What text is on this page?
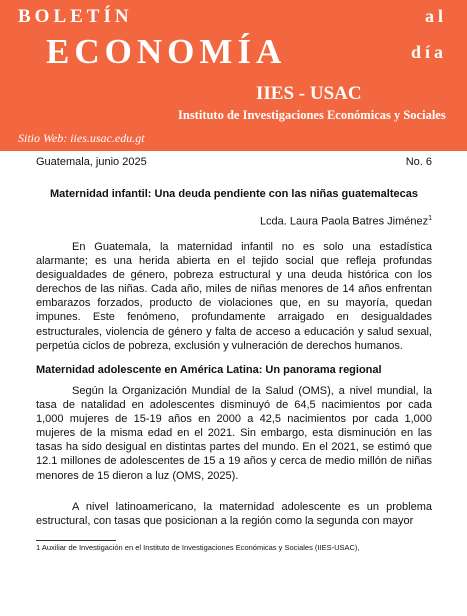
BOLETÍN	al
ECONOMÍA	día
IIES - USAC
Instituto de Investigaciones Económicas y Sociales
Sitio Web: iies.usac.edu.gt
Guatemala, junio 2025	No. 6
Maternidad infantil: Una deuda pendiente con las niñas guatemaltecas
Lcda. Laura Paola Batres Jiménez$^1$
En Guatemala, la maternidad infantil no es solo una estadística alarmante; es una herida abierta en el tejido social que refleja profundas desigualdades de género, pobreza estructural y una deuda histórica con los derechos de las niñas. Cada año, miles de niñas menores de 14 años enfrentan embarazos forzados, producto de violaciones que, en su mayoría, quedan impunes. Este fenómeno, profundamente arraigado en desigualdades estructurales, violencia de género y falta de acceso a educación y salud sexual, perpetúa ciclos de pobreza, exclusión y vulneración de derechos humanos.
Maternidad adolescente en América Latina: Un panorama regional
Según la Organización Mundial de la Salud (OMS), a nivel mundial, la tasa de natalidad en adolescentes disminuyó de 64,5 nacimientos por cada 1,000 mujeres de 15-19 años en 2000 a 42,5 nacimientos por cada 1,000 mujeres de la misma edad en el 2021. Sin embargo, esta disminución en las tasas ha sido desigual en distintas partes del mundo. En el 2021, se estimó que 12.1 millones de adolescentes de 15 a 19 años y cerca de medio millón de niñas menores de 15 dieron a luz (OMS, 2025).
A nivel latinoamericano, la maternidad adolescente es un problema estructural, con tasas que posicionan a la región como la segunda con mayor
1 Auxiliar de Investigación en el Instituto de Investigaciones Económicas y Sociales (IIES-USAC),
